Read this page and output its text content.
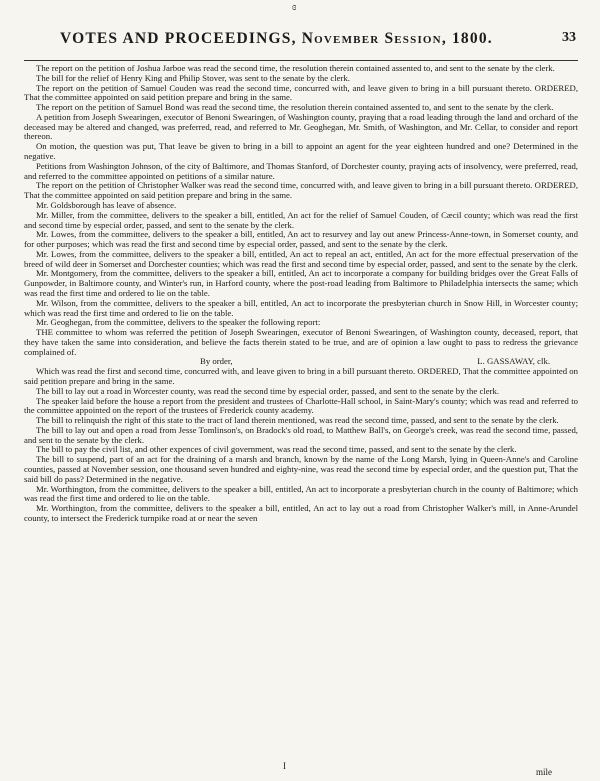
ɞ
VOTES AND PROCEEDINGS, November Session, 1800.	33

The report on the petition of Joshua Jarboe was read the second time, the resolution therein contained assented to, and sent to the senate by the clerk.

The bill for the relief of Henry King and Philip Stover, was sent to the senate by the clerk.

The report on the petition of Samuel Couden was read the second time, concurred with, and leave given to bring in a bill pursuant thereto. ORDERED, That the committee appointed on said petition prepare and bring in the same.

The report on the petition of Samuel Bond was read the second time, the resolution therein contained assented to, and sent to the senate by the clerk.

A petition from Joseph Swearingen, executor of Benoni Swearingen, of Washington county, praying that a road leading through the land and orchard of the deceased may be altered and changed, was preferred, read, and referred to Mr. Geoghegan, Mr. Smith, of Washington, and Mr. Cellar, to consider and report thereon.

On motion, the question was put, That leave be given to bring in a bill to appoint an agent for the year eighteen hundred and one? Determined in the negative.

Petitions from Washington Johnson, of the city of Baltimore, and Thomas Stanford, of Dorchester county, praying acts of insolvency, were preferred, read, and referred to the committee appointed on petitions of a similar nature.

The report on the petition of Christopher Walker was read the second time, concurred with, and leave given to bring in a bill pursuant thereto. ORDERED, That the committee appointed on said petition prepare and bring in the same.

Mr. Goldsborough has leave of absence.

Mr. Miller, from the committee, delivers to the speaker a bill, entitled, An act for the relief of Samuel Couden, of Cæcil county; which was read the first and second time by especial order, passed, and sent to the senate by the clerk.

Mr. Lowes, from the committee, delivers to the speaker a bill, entitled, An act to resurvey and lay out anew Princess-Anne-town, in Somerset county, and for other purposes; which was read the first and second time by especial order, passed, and sent to the senate by the clerk.

Mr. Lowes, from the committee, delivers to the speaker a bill, entitled, An act to repeal an act, entitled, An act for the more effectual preservation of the breed of wild deer in Somerset and Dorchester counties; which was read the first and second time by especial order, passed, and sent to the senate by the clerk.

Mr. Montgomery, from the committee, delivers to the speaker a bill, entitled, An act to incorporate a company for building bridges over the Great Falls of Gunpowder, in Baltimore county, and Winter's run, in Harford county, where the post-road leading from Baltimore to Philadelphia intersects the same; which was read the first time and ordered to lie on the table.

Mr. Wilson, from the committee, delivers to the speaker a bill, entitled, An act to incorporate the presbyterian church in Snow Hill, in Worcester county; which was read the first time and ordered to lie on the table.

Mr. Geoghegan, from the committee, delivers to the speaker the following report:

THE committee to whom was referred the petition of Joseph Swearingen, executor of Benoni Swearingen, of Washington county, deceased, report, that they have taken the same into consideration, and believe the facts therein stated to be true, and are of opinion a law ought to pass to redress the grievance complained of.

By order,	L. GASSAWAY, clk.

Which was read the first and second time, concurred with, and leave given to bring in a bill pursuant thereto. ORDERED, That the committee appointed on said petition prepare and bring in the same.

The bill to lay out a road in Worcester county, was read the second time by especial order, passed, and sent to the senate by the clerk.

The speaker laid before the house a report from the president and trustees of Charlotte-Hall school, in Saint-Mary's county; which was read and referred to the committee appointed on the report of the trustees of Frederick county academy.

The bill to relinquish the right of this state to the tract of land therein mentioned, was read the second time, passed, and sent to the senate by the clerk.

The bill to lay out and open a road from Jesse Tomlinson's, on Bradock's old road, to Matthew Ball's, on George's creek, was read the second time, passed, and sent to the senate by the clerk.

The bill to pay the civil list, and other expences of civil government, was read the second time, passed, and sent to the senate by the clerk.

The bill to suspend, part of an act for the draining of a marsh and branch, known by the name of the Long Marsh, lying in Queen-Anne's and Caroline counties, passed at November session, one thousand seven hundred and eighty-nine, was read the second time by especial order, and the question put, That the said bill do pass? Determined in the negative.

Mr. Worthington, from the committee, delivers to the speaker a bill, entitled, An act to incorporate a presbyterian church in the county of Baltimore; which was read the first time and ordered to lie on the table.

Mr. Worthington, from the committee, delivers to the speaker a bill, entitled, An act to lay out a road from Christopher Walker's mill, in Anne-Arundel county, to intersect the Frederick turnpike road at or near the seven

I
mile
